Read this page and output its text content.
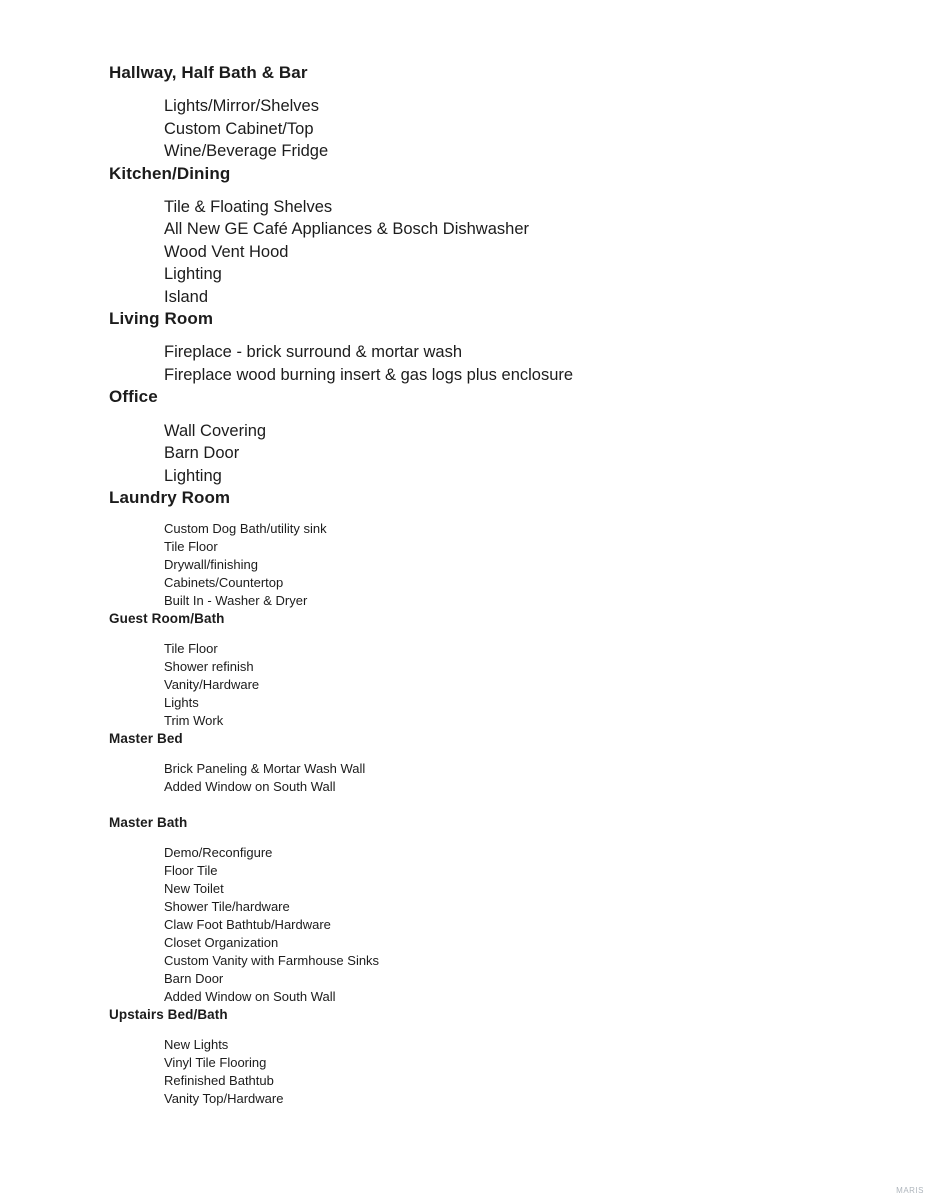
Hallway, Half Bath & Bar
Lights/Mirror/Shelves
Custom Cabinet/Top
Wine/Beverage Fridge
Kitchen/Dining
Tile & Floating Shelves
All New GE Café Appliances & Bosch Dishwasher
Wood Vent Hood
Lighting
Island
Living Room
Fireplace - brick surround & mortar wash
Fireplace wood burning insert & gas logs plus enclosure
Office
Wall Covering
Barn Door
Lighting
Laundry Room
Custom Dog Bath/utility sink
Tile Floor
Drywall/finishing
Cabinets/Countertop
Built In - Washer & Dryer
Guest Room/Bath
Tile Floor
Shower refinish
Vanity/Hardware
Lights
Trim Work
Master Bed
Brick Paneling & Mortar Wash Wall
Added Window on South Wall
Master Bath
Demo/Reconfigure
Floor Tile
New Toilet
Shower Tile/hardware
Claw Foot Bathtub/Hardware
Closet Organization
Custom Vanity with Farmhouse Sinks
Barn Door
Added Window on South Wall
Upstairs Bed/Bath
New Lights
Vinyl Tile Flooring
Refinished Bathtub
Vanity Top/Hardware
MARIS
